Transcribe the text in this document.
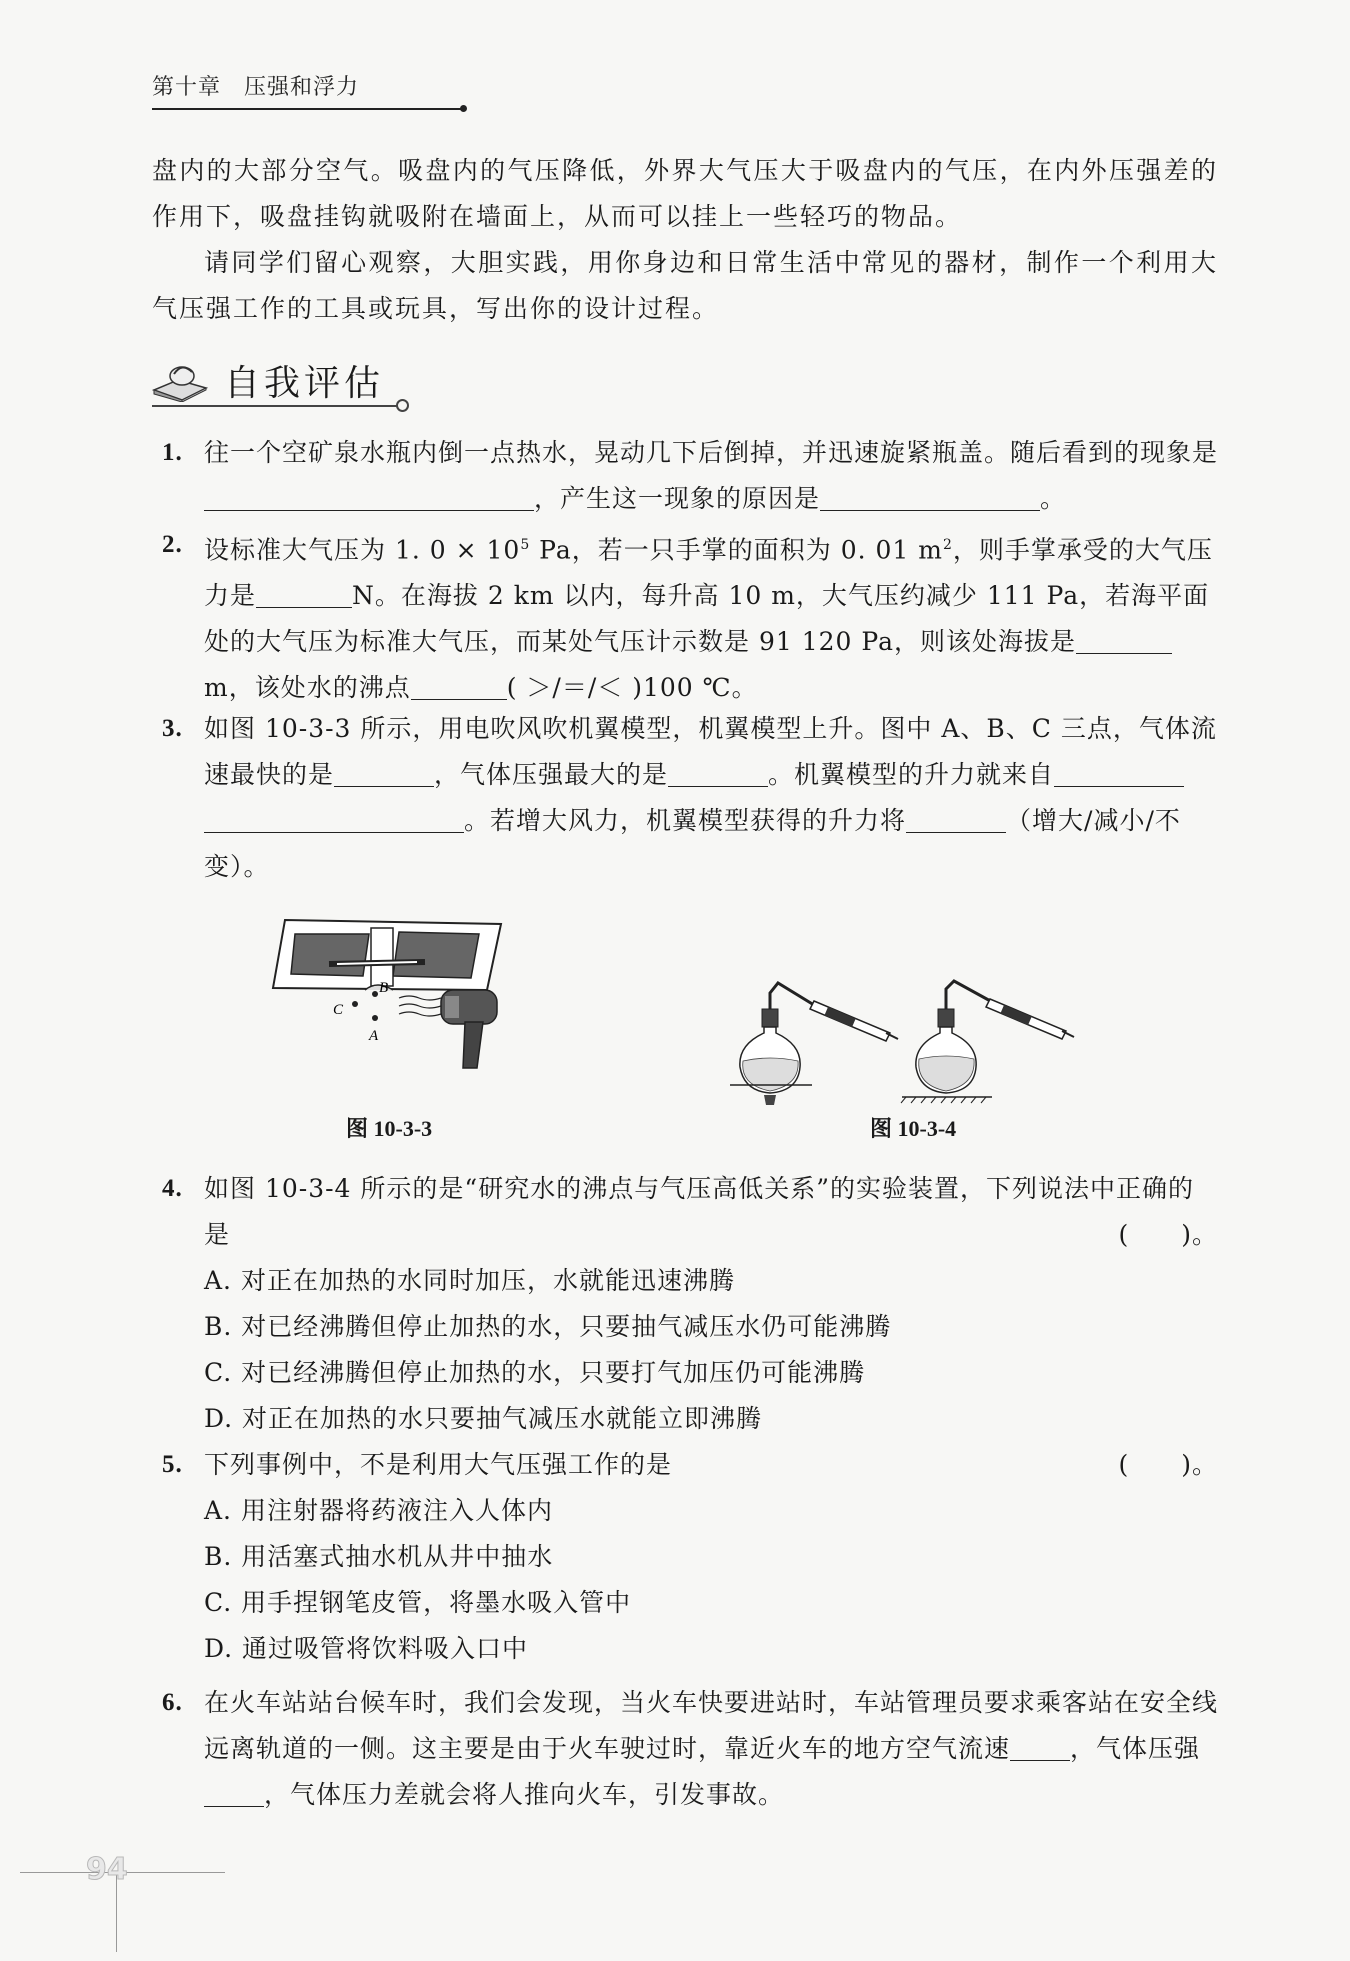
第十章　压强和浮力

盘内的大部分空气。吸盘内的气压降低，外界大气压大于吸盘内的气压，在内外压强差的作用下，吸盘挂钩就吸附在墙面上，从而可以挂上一些轻巧的物品。

请同学们留心观察，大胆实践，用你身边和日常生活中常见的器材，制作一个利用大气压强工作的工具或玩具，写出你的设计过程。

自我评估
1. 往一个空矿泉水瓶内倒一点热水，晃动几下后倒掉，并迅速旋紧瓶盖。随后看到的现象是，产生这一现象的原因是	。
2. 设标准大气压为 1. $0 \times 10^5$ Pa，若一只手掌的面积为 0. 01 $m^2$，则手掌承受的大气压力是	N。在海拔 2 km 以内，每升高 10 m，大气压约减少 111 Pa，若海平面处的大气压为标准大气压，而某处气压计示数是 91 120 Pa，则该处海拔是m，该处水的沸点	( ＞/＝/＜ )100 ℃。
3. 如图 10-3-3 所示，用电吹风吹机翼模型，机翼模型上升。图中 A、B、C 三点，气体流速最快的是	，气体压强最大的是	。机翼模型的升力就来自。若增大风力，机翼模型获得的升力将	（增大/减小/不变）。
C
A
B
图 10-3-3	图 10-3-4
4. 如图 10-3-4 所示的是“研究水的沸点与气压高低关系”的实验装置，下列说法中正确的是	(　　)。
A. 对正在加热的水同时加压，水就能迅速沸腾
B. 对已经沸腾但停止加热的水，只要抽气减压水仍可能沸腾
C. 对已经沸腾但停止加热的水，只要打气加压仍可能沸腾
D. 对正在加热的水只要抽气减压水就能立即沸腾
5. 下列事例中，不是利用大气压强工作的是	(　　)。
A. 用注射器将药液注入人体内
B. 用活塞式抽水机从井中抽水
C. 用手捏钢笔皮管，将墨水吸入管中
D. 通过吸管将饮料吸入口中
6. 在火车站站台候车时，我们会发现，当火车快要进站时，车站管理员要求乘客站在安全线远离轨道的一侧。这主要是由于火车驶过时，靠近火车的地方空气流速 ，气体压强，气体压力差就会将人推向火车，引发事故。
94
